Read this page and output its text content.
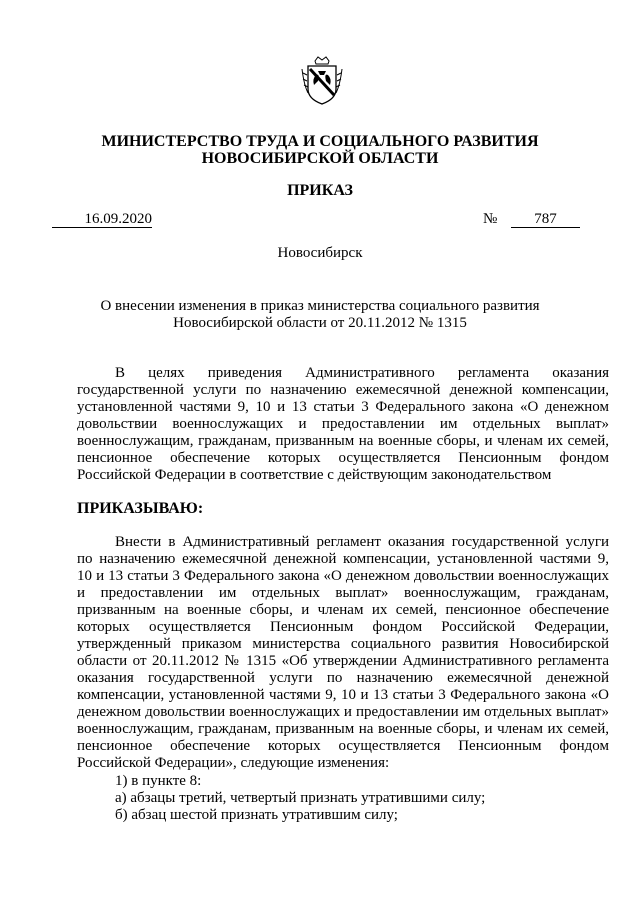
МИНИСТЕРСТВО ТРУДА И СОЦИАЛЬНОГО РАЗВИТИЯ
НОВОСИБИРСКОЙ ОБЛАСТИ
ПРИКАЗ
16.09.2020	№	787
Новосибирск
О внесении изменения в приказ министерства социального развития
Новосибирской области от 20.11.2012 № 1315
В целях приведения Административного регламента оказания
государственной услуги по назначению ежемесячной денежной компенсации,
установленной частями 9, 10 и 13 статьи 3 Федерального закона «О денежном
довольствии военнослужащих и предоставлении им отдельных выплат»
военнослужащим, гражданам, призванным на военные сборы, и членам их семей,
пенсионное обеспечение которых осуществляется Пенсионным фондом
Российской Федерации в соответствие с действующим законодательством
ПРИКАЗЫВАЮ:
Внести в Административный регламент оказания государственной услуги
по назначению ежемесячной денежной компенсации, установленной частями 9,
10 и 13 статьи 3 Федерального закона «О денежном довольствии военнослужащих
и предоставлении им отдельных выплат» военнослужащим, гражданам,
призванным на военные сборы, и членам их семей, пенсионное обеспечение
которых осуществляется Пенсионным фондом Российской Федерации,
утвержденный приказом министерства социального развития Новосибирской
области от 20.11.2012 № 1315 «Об утверждении Административного регламента
оказания государственной услуги по назначению ежемесячной денежной
компенсации, установленной частями 9, 10 и 13 статьи 3 Федерального закона «О
денежном довольствии военнослужащих и предоставлении им отдельных выплат»
военнослужащим, гражданам, призванным на военные сборы, и членам их семей,
пенсионное обеспечение которых осуществляется Пенсионным фондом
Российской Федерации», следующие изменения:
1) в пункте 8:
а) абзацы третий, четвертый признать утратившими силу;
б) абзац шестой признать утратившим силу;
